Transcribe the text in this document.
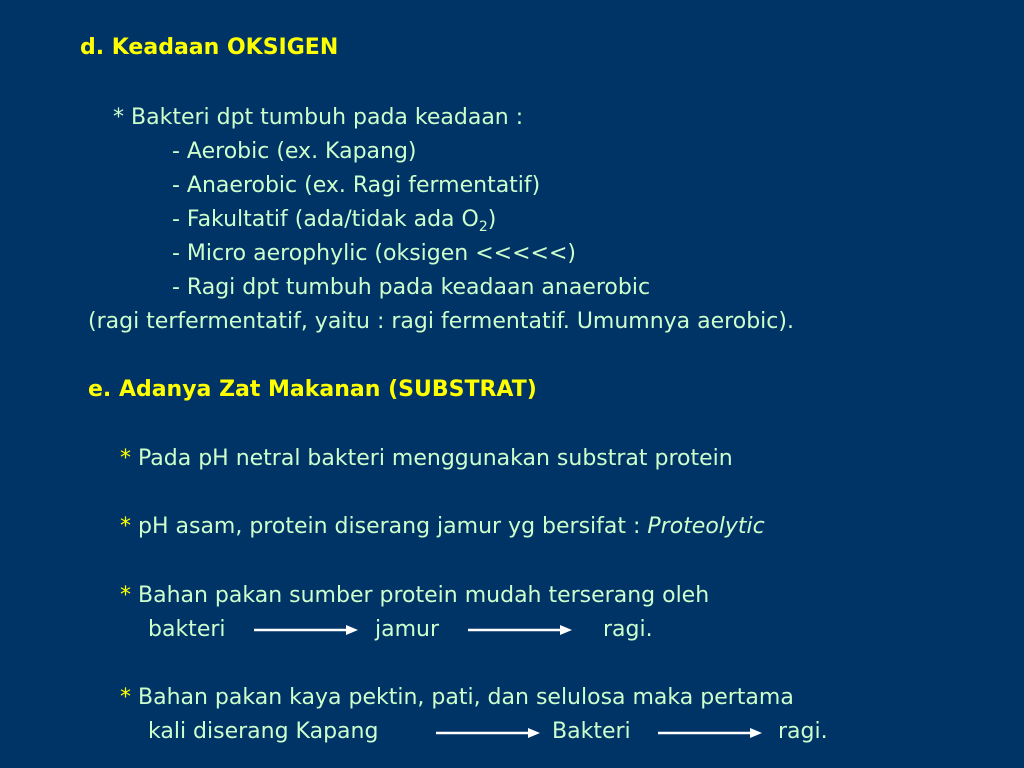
d. Keadaan OKSIGEN
* Bakteri dpt tumbuh pada keadaan :
- Aerobic (ex. Kapang)
- Anaerobic (ex. Ragi fermentatif)
- Fakultatif (ada/tidak ada $O_2$)
- Micro aerophylic (oksigen <<<<<)
- Ragi dpt tumbuh pada keadaan anaerobic
(ragi terfermentatif, yaitu : ragi fermentatif. Umumnya aerobic).
e. Adanya Zat Makanan (SUBSTRAT)
* Pada pH netral bakteri menggunakan substrat protein
* pH asam, protein diserang jamur yg bersifat : Proteolytic
* Bahan pakan sumber protein mudah terserang oleh
bakteri	jamur	ragi.
* Bahan pakan kaya pektin, pati, dan selulosa maka pertama
kali diserang Kapang	Bakteri	ragi.
